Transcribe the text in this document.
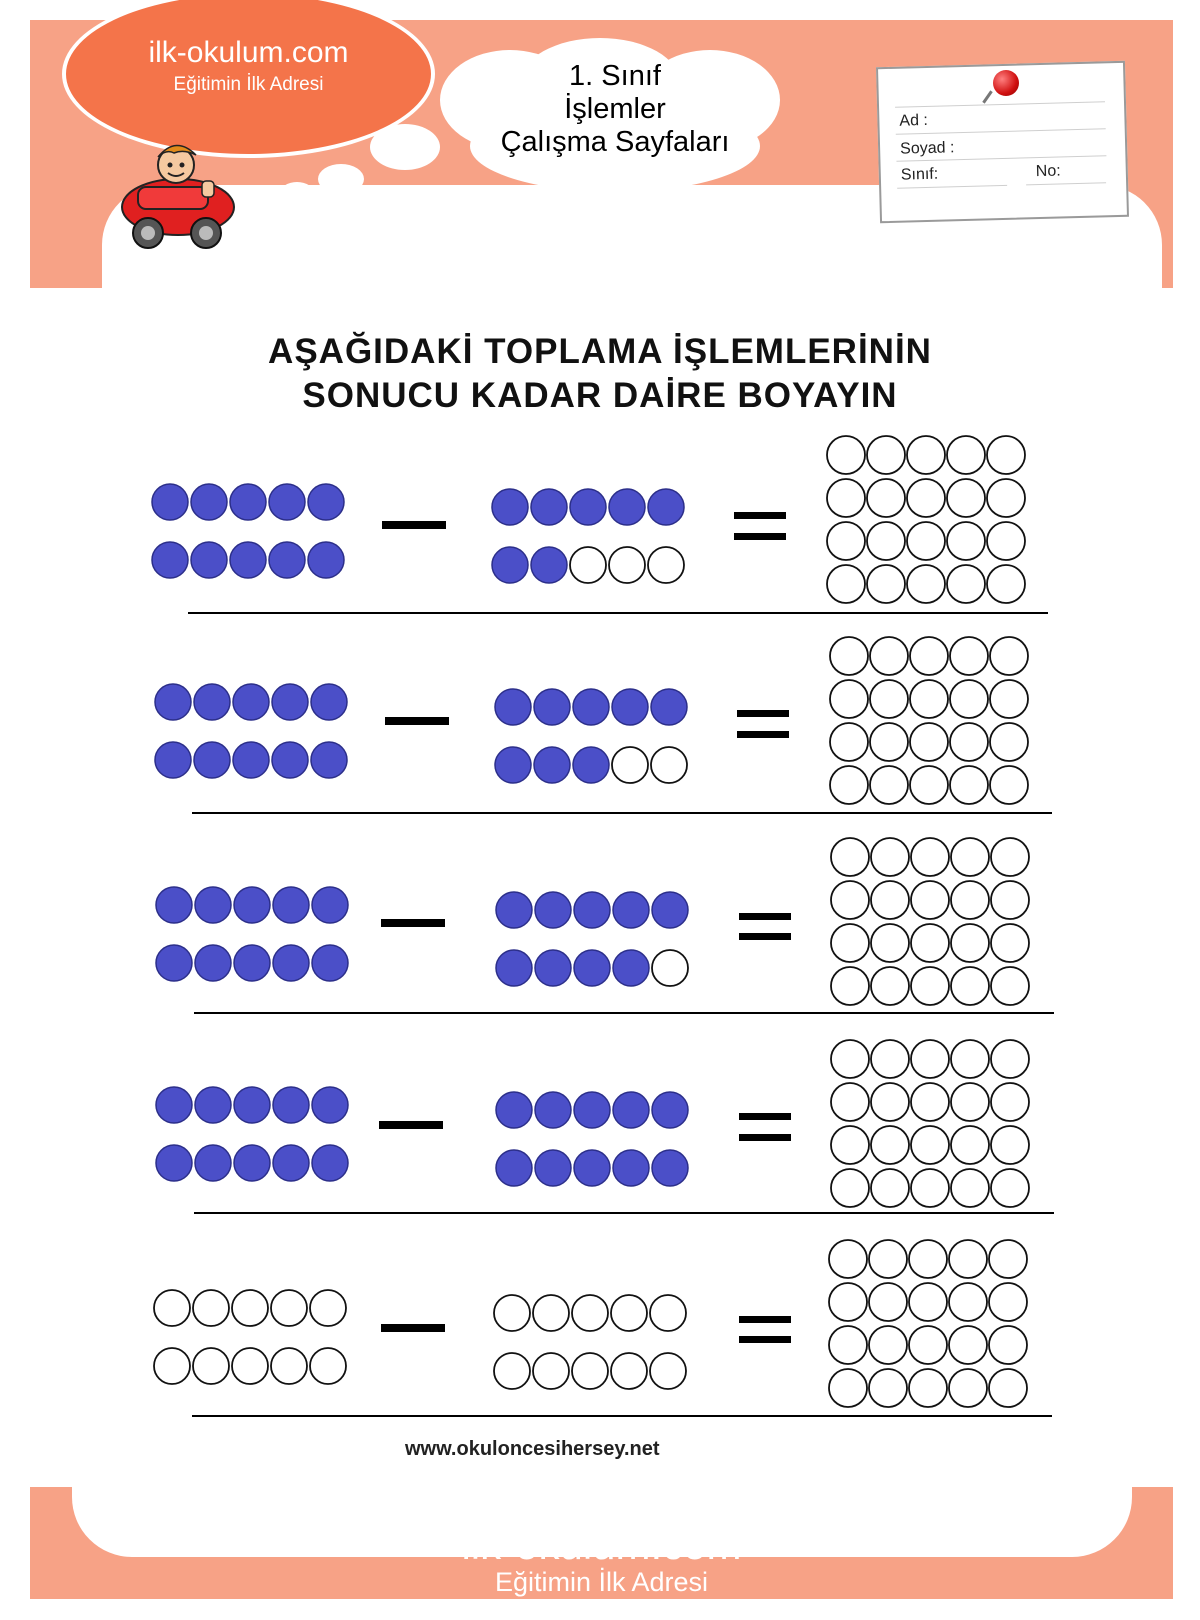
ilk-okulum.com
Eğitimin İlk Adresi	1. Sınıf
İşlemler
Çalışma Sayfaları
Ad :
Soyad :
Sınıf:	No:
AŞAĞIDAKİ TOPLAMA İŞLEMLERİNİN
SONUCU KADAR DAİRE BOYAYIN
www.okuloncesihersey.net
ilk-okulum.com
Eğitimin İlk Adresi
